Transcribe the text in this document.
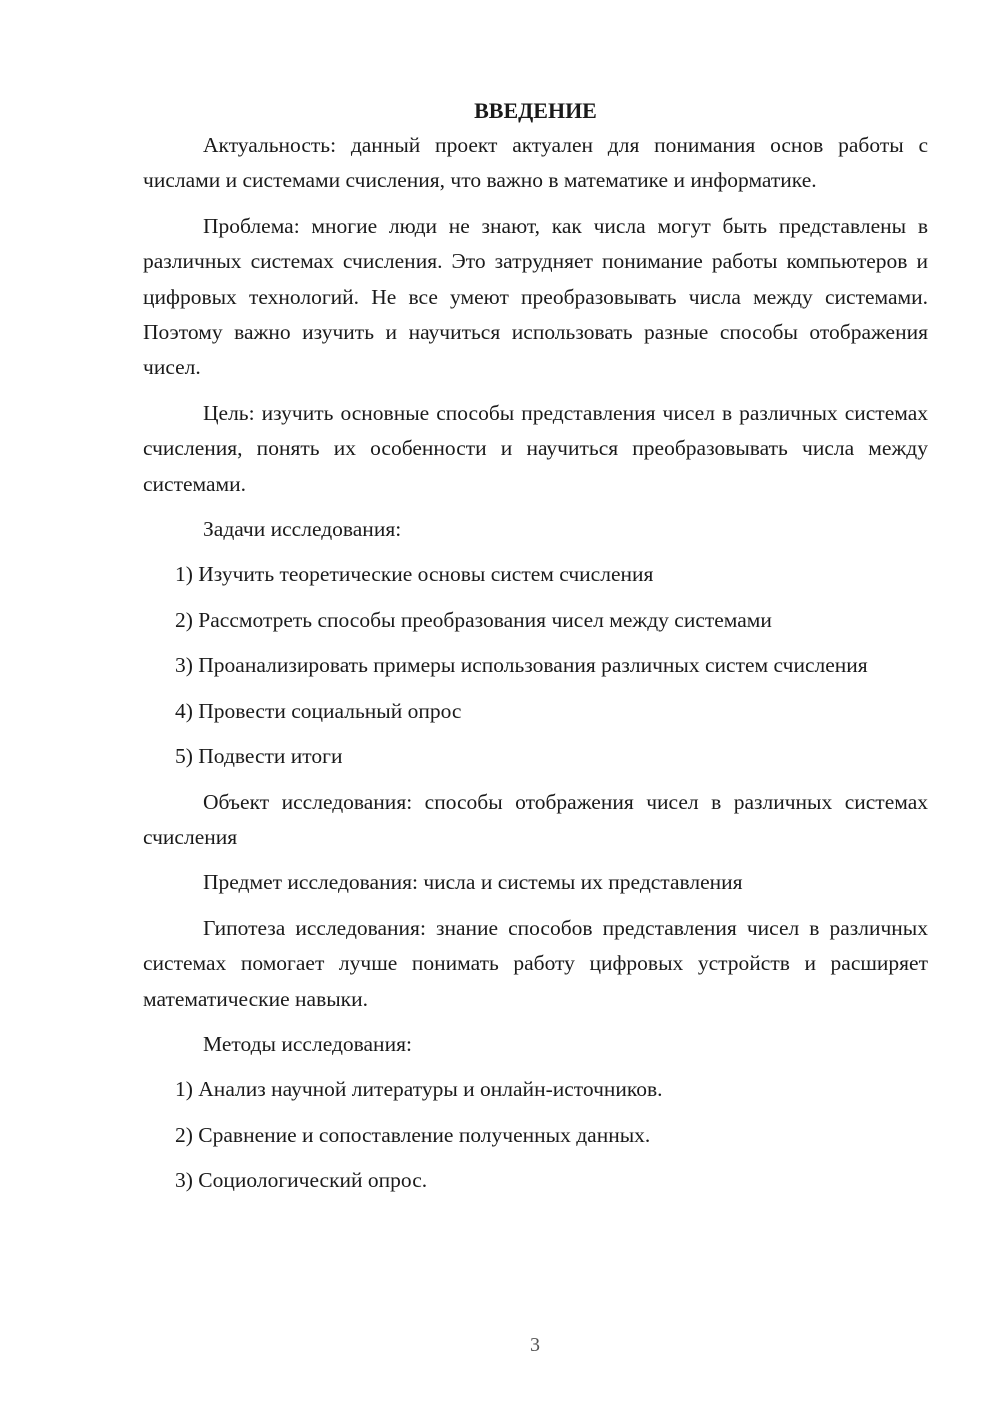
ВВЕДЕНИЕ

Актуальность: данный проект актуален для понимания основ работы с числами и системами счисления, что важно в математике и информатике.

Проблема: многие люди не знают, как числа могут быть представлены в различных системах счисления. Это затрудняет понимание работы компьютеров и цифровых технологий. Не все умеют преобразовывать числа между системами. Поэтому важно изучить и научиться использовать разные способы отображения чисел.

Цель: изучить основные способы представления чисел в различных системах счисления, понять их особенности и научиться преобразовывать числа между системами.

Задачи исследования:

1) Изучить теоретические основы систем счисления

2) Рассмотреть способы преобразования чисел между системами

3) Проанализировать примеры использования различных систем счисления

4) Провести социальный опрос

5) Подвести итоги

Объект исследования: способы отображения чисел в различных системах счисления

Предмет исследования: числа и системы их представления

Гипотеза исследования: знание способов представления чисел в различных системах помогает лучше понимать работу цифровых устройств и расширяет математические навыки.

Методы исследования:

1) Анализ научной литературы и онлайн-источников.

2) Сравнение и сопоставление полученных данных.

3) Социологический опрос.

3
